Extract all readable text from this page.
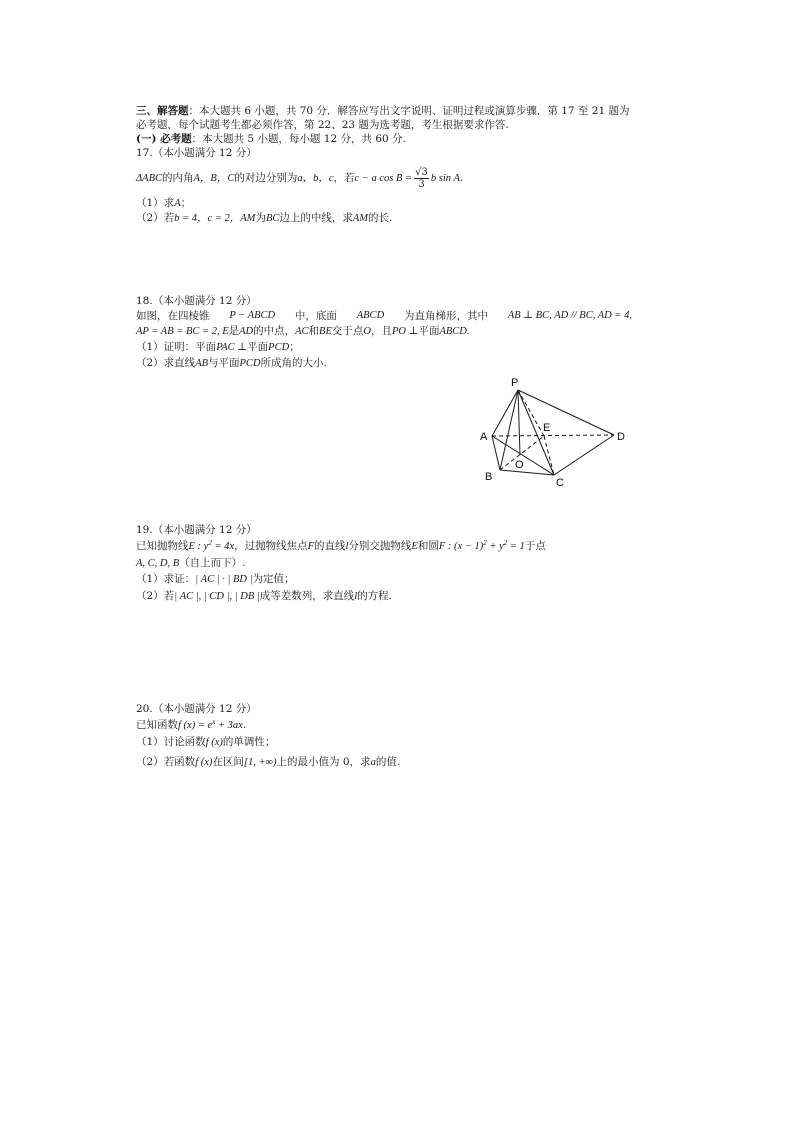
三、解答题：本大题共 6 小题，共 70 分．解答应写出文字说明、证明过程或演算步骤．第 17 至 21 题为
必考题，每个试题考生都必须作答，第 22、23 题为选考题，考生根据要求作答.
(一) 必考题：本大题共 5 小题，每小题 12 分，共 60 分.
17.（本小题满分 12 分）
ΔABC的内角A，B，C的对边分别为a，b，c，若c − a $\cos B = \frac{√3}{3}$ b sin A.
（1）求A；
（2）若b = 4，c = 2，AM为BC边上的中线，求AM的长.
18.（本小题满分 12 分）
如图，在四棱锥 P − ABCD 中，底面 ABCD 为直角梯形，其中 AB ⊥ BC, AD // BC, AD = 4,
AP = AB = BC = 2, E是AD的中点，AC和BE交于点O，且PO ⊥平面ABCD.
（1）证明：平面PAC ⊥平面PCD；
（2）求直线AB与平面PCD所成角的大小.
P
A
B	C
D
E
O
19.（本小题满分 12 分）
已知抛物线E : $y^2 = 4x$，过抛物线焦点F的直线l分别交抛物线E和圆F : $(x - 1)^2 + y^2 = 1$于点
A, C, D, B（自上而下）.
（1）求证：| AC | · | BD |为定值；
（2）若| AC |, | CD |, | DB |成等差数列，求直线l的方程.
20.（本小题满分 12 分）
已知函数f $(x) = e^x + 3ax$.
（1）讨论函数f (x)的单调性；
（2）若函数f (x)在区间[1, +∞)上的最小值为 0，求a的值.
